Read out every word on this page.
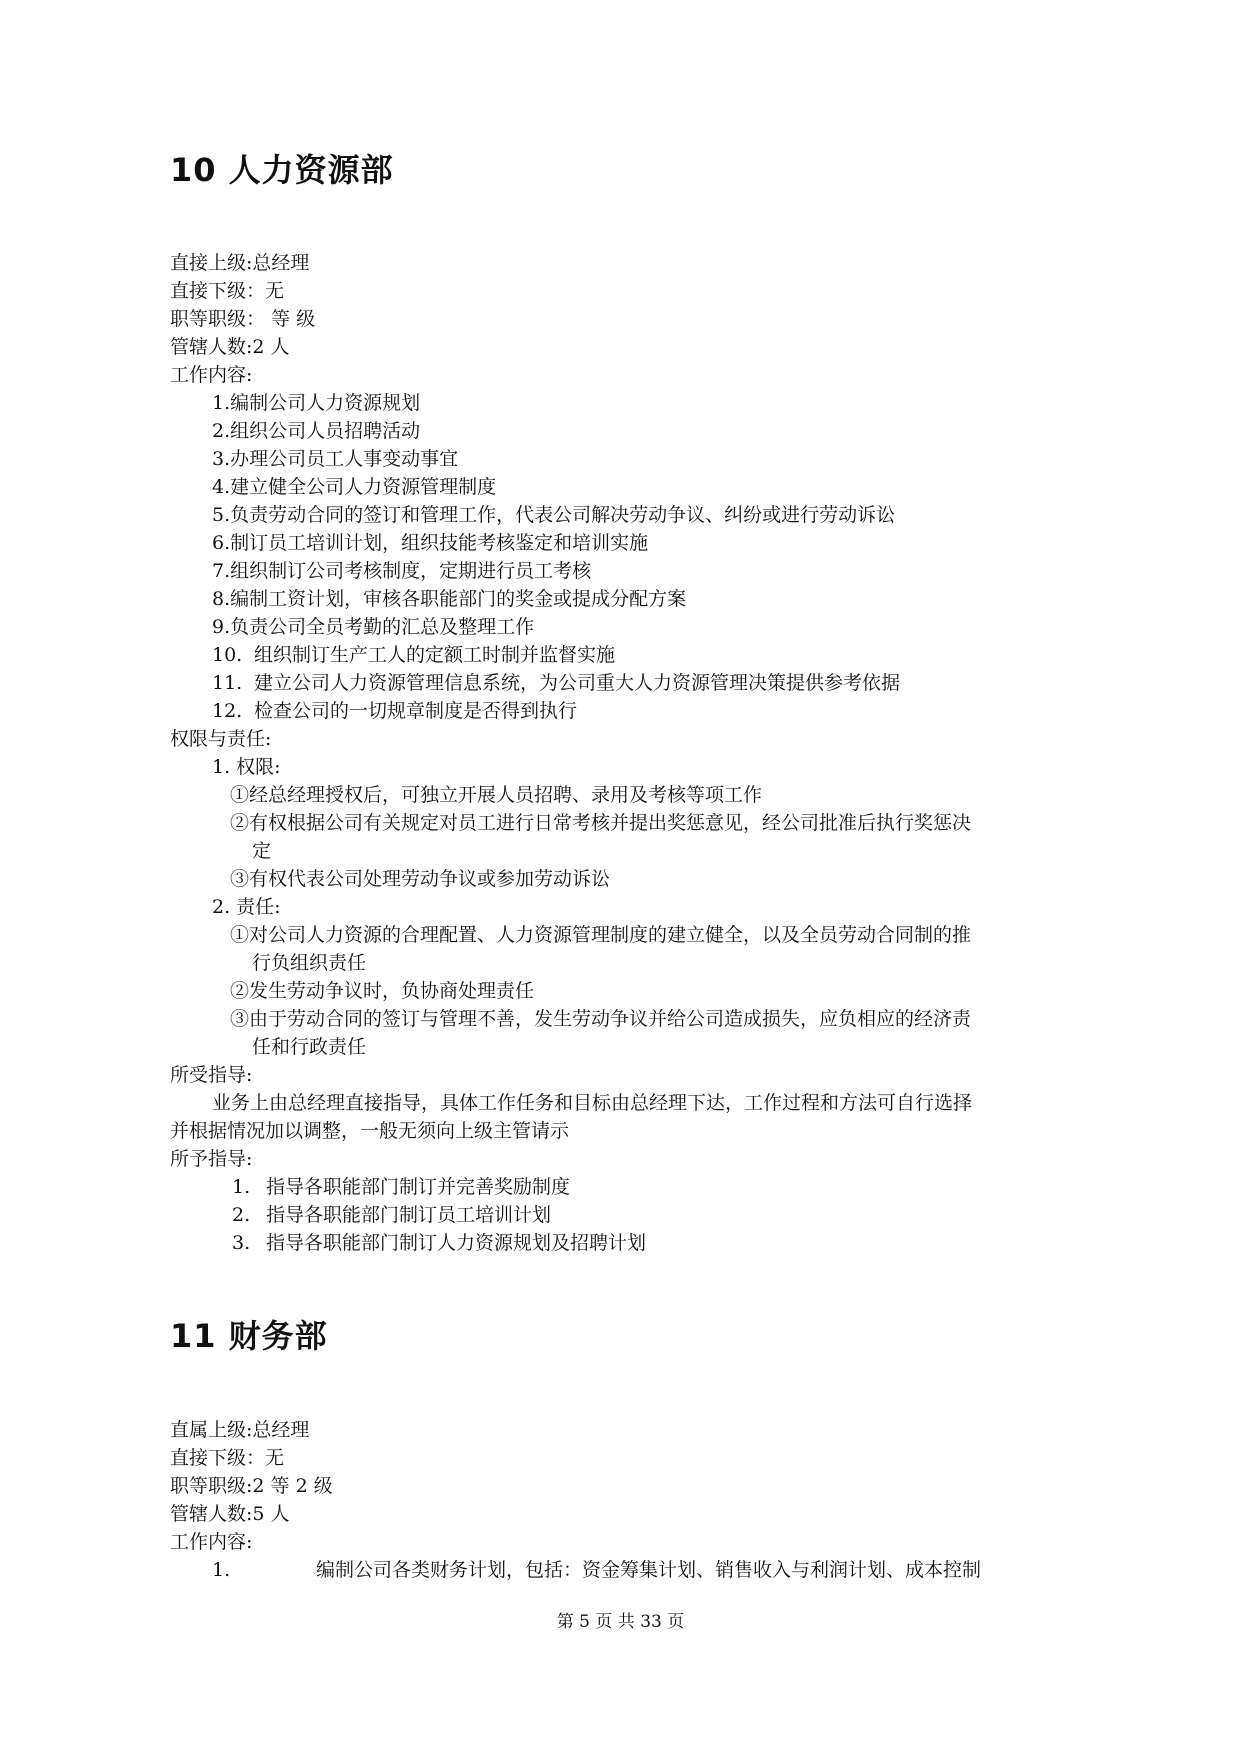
10 人力资源部
直接上级:总经理
直接下级：无
职等职级： 等 级
管辖人数:2 人
工作内容:
1.编制公司人力资源规划
2.组织公司人员招聘活动
3.办理公司员工人事变动事宜
4.建立健全公司人力资源管理制度
5.负责劳动合同的签订和管理工作，代表公司解决劳动争议、纠纷或进行劳动诉讼
6.制订员工培训计划，组织技能考核鉴定和培训实施
7.组织制订公司考核制度，定期进行员工考核
8.编制工资计划，审核各职能部门的奖金或提成分配方案
9.负责公司全员考勤的汇总及整理工作
10. 组织制订生产工人的定额工时制并监督实施
11. 建立公司人力资源管理信息系统，为公司重大人力资源管理决策提供参考依据
12. 检查公司的一切规章制度是否得到执行
权限与责任:
1. 权限:
①经总经理授权后，可独立开展人员招聘、录用及考核等项工作
②有权根据公司有关规定对员工进行日常考核并提出奖惩意见，经公司批准后执行奖惩决
定
③有权代表公司处理劳动争议或参加劳动诉讼
2. 责任:
①对公司人力资源的合理配置、人力资源管理制度的建立健全，以及全员劳动合同制的推
行负组织责任
②发生劳动争议时，负协商处理责任
③由于劳动合同的签订与管理不善，发生劳动争议并给公司造成损失，应负相应的经济责
任和行政责任
所受指导:
业务上由总经理直接指导，具体工作任务和目标由总经理下达，工作过程和方法可自行选择
并根据情况加以调整，一般无须向上级主管请示
所予指导:
1. 指导各职能部门制订并完善奖励制度
2. 指导各职能部门制订员工培训计划
3. 指导各职能部门制订人力资源规划及招聘计划
11 财务部
直属上级:总经理
直接下级：无
职等职级:2 等 2 级
管辖人数:5 人
工作内容:
1.	编制公司各类财务计划，包括：资金筹集计划、销售收入与利润计划、成本控制
第 5 页 共 33 页
